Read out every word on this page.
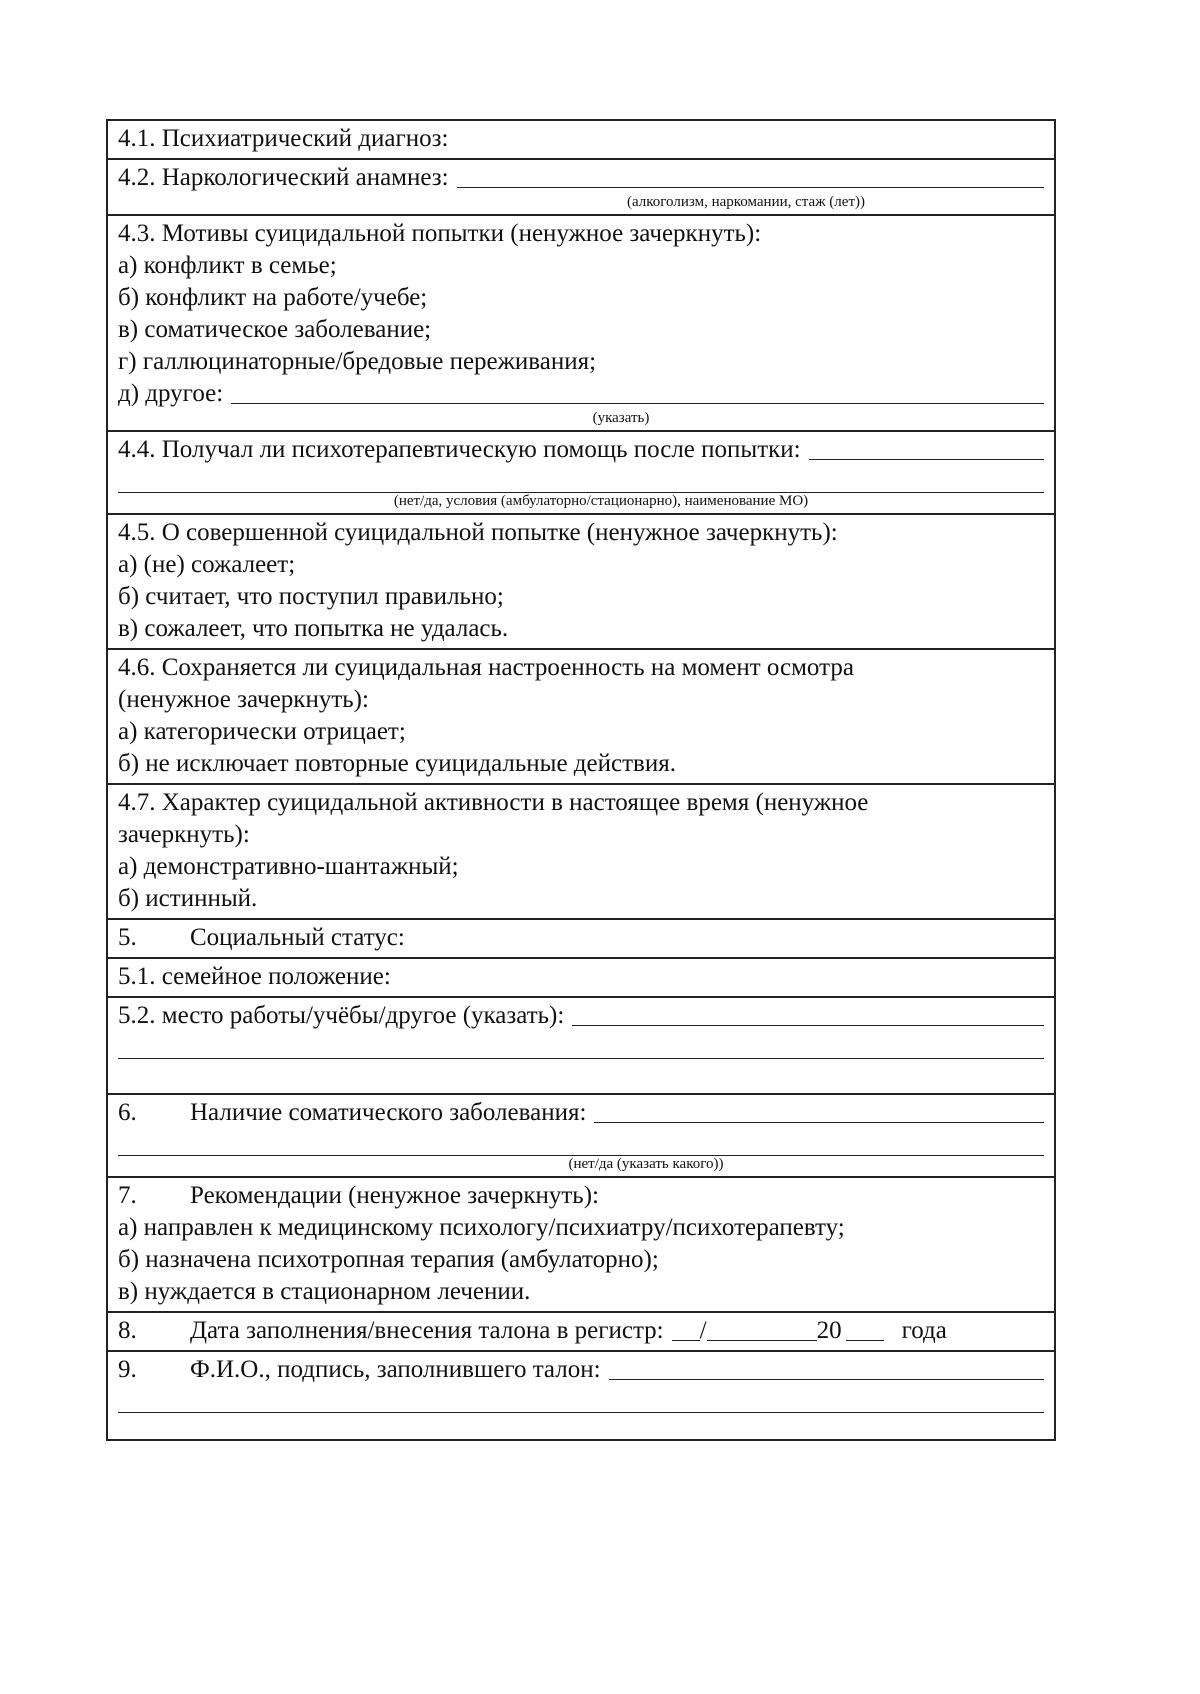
4.1. Психиатрический диагноз:
4.2. Наркологический анамнез:
(алкоголизм, наркомании, стаж (лет))
4.3. Мотивы суицидальной попытки (ненужное зачеркнуть):
а) конфликт в семье;
б) конфликт на работе/учебе;
в) соматическое заболевание;
г) галлюцинаторные/бредовые переживания;
д) другое:
(указать)
4.4. Получал ли психотерапевтическую помощь после попытки:
(нет/да, условия (амбулаторно/стационарно), наименование МО)
4.5. О совершенной суицидальной попытке (ненужное зачеркнуть):
а) (не) сожалеет;
б) считает, что поступил правильно;
в) сожалеет, что попытка не удалась.
4.6. Сохраняется ли суицидальная настроенность на момент осмотра
(ненужное зачеркнуть):
а) категорически отрицает;
б) не исключает повторные суицидальные действия.
4.7. Характер суицидальной активности в настоящее время (ненужное
зачеркнуть):
а) демонстративно-шантажный;
б) истинный.
5.	Социальный статус:
5.1. семейное положение:
5.2. место работы/учёбы/другое (указать):
6.	Наличие соматического заболевания:
(нет/да (указать какого))
7.	Рекомендации (ненужное зачеркнуть):
а) направлен к медицинскому психологу/психиатру/психотерапевту;
б) назначена психотропная терапия (амбулаторно);
в) нуждается в стационарном лечении.
8.	Дата заполнения/внесения талона в регистр: /	20 года
9.	Ф.И.О., подпись, заполнившего талон:
